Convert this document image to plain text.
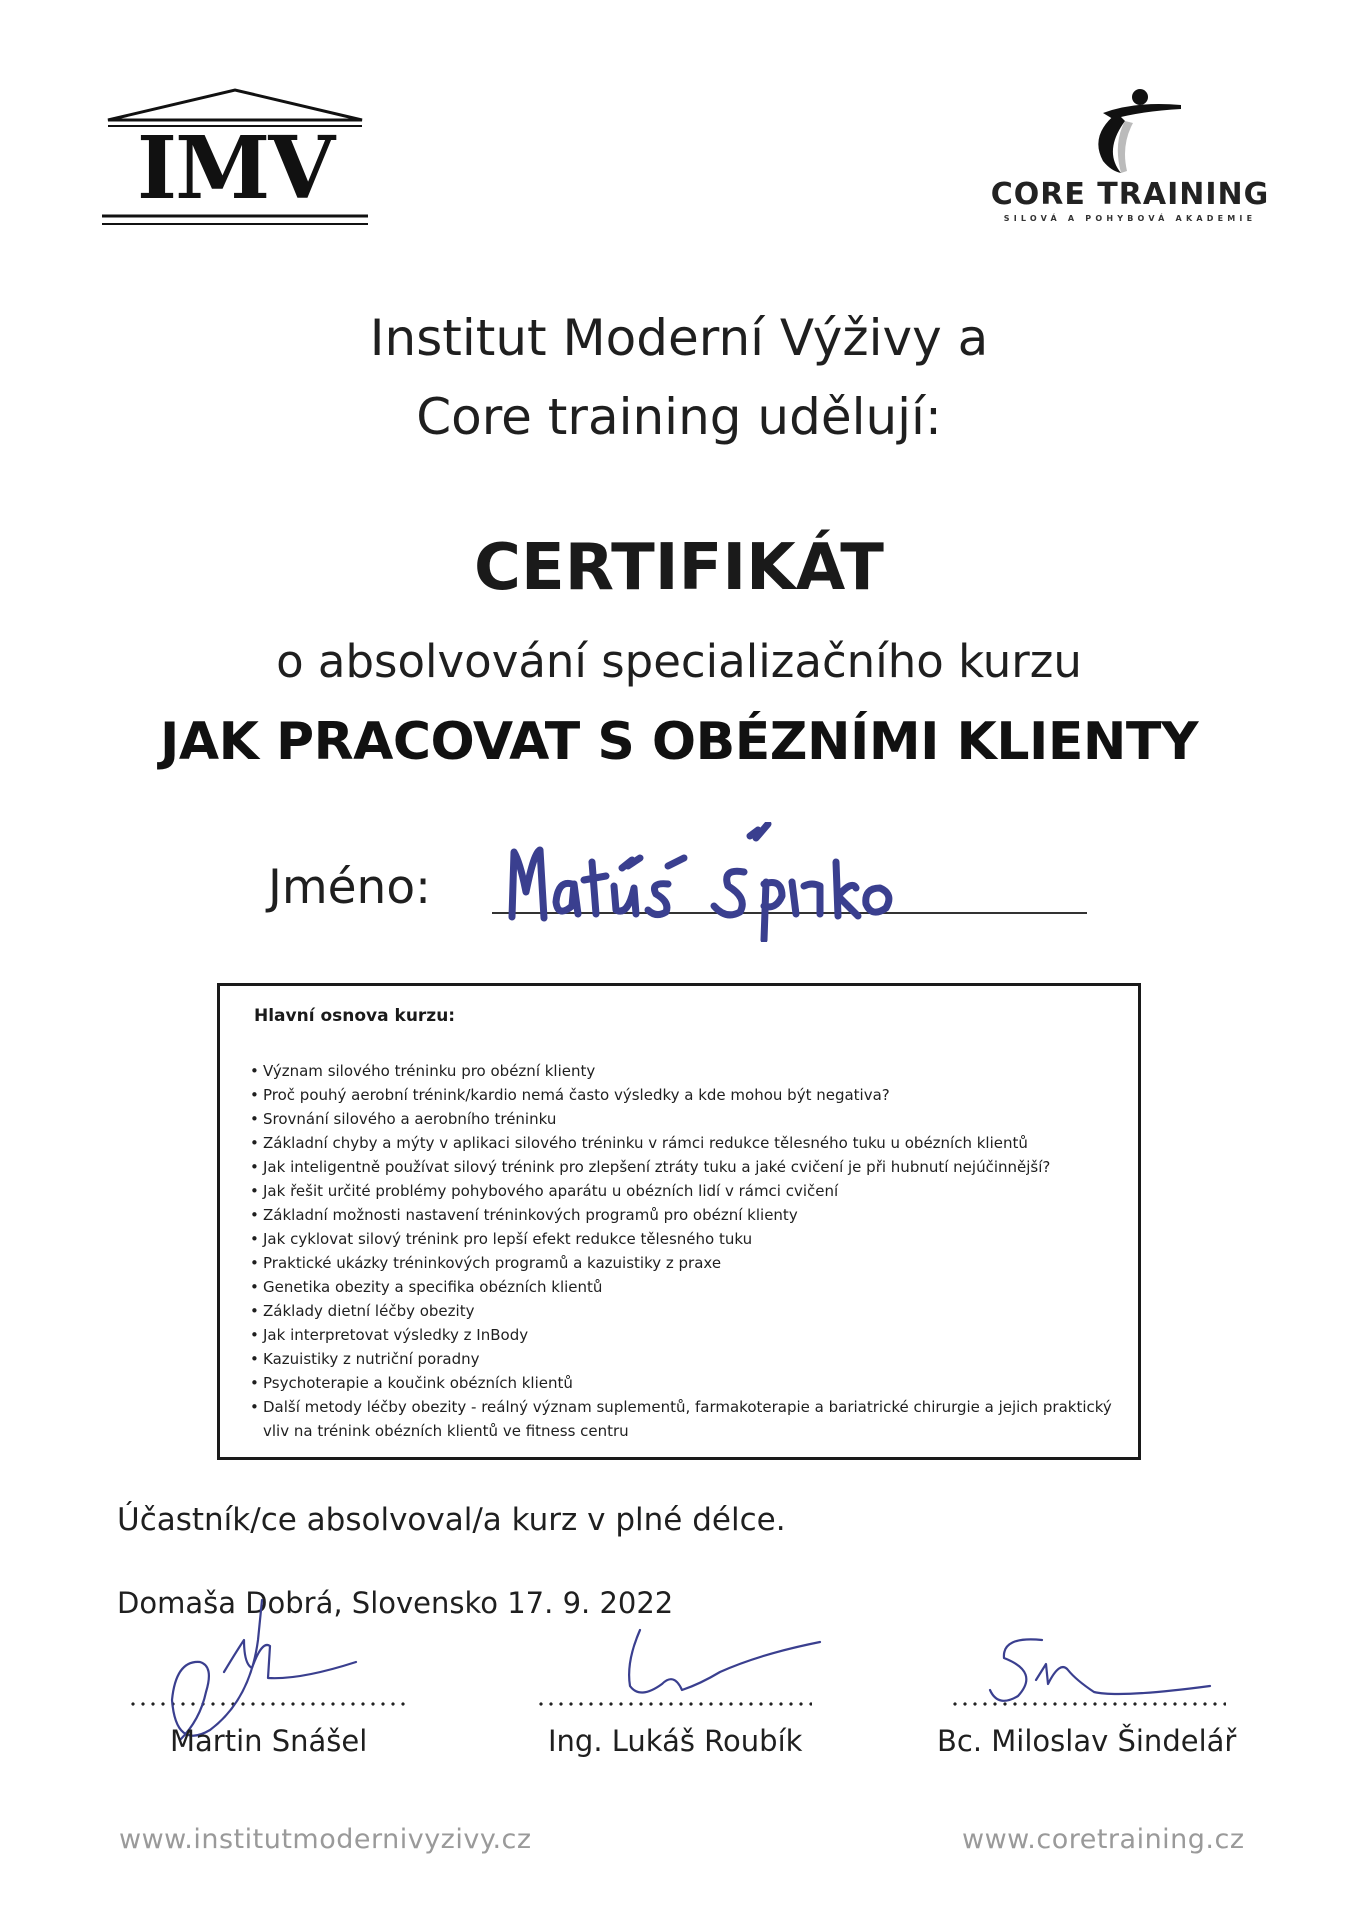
IMV	CORE TRAINING
SILOVÁ A POHYBOVÁ AKADEMIE
Institut Moderní Výživy a
Core training udělují:
CERTIFIKÁT
o absolvování specializačního kurzu
JAK PRACOVAT S OBÉZNÍMI KLIENTY
Jméno:
Hlavní osnova kurzu:
• Význam silového tréninku pro obézní klienty
• Proč pouhý aerobní trénink/kardio nemá často výsledky a kde mohou být negativa?
• Srovnání silového a aerobního tréninku
• Základní chyby a mýty v aplikaci silového tréninku v rámci redukce tělesného tuku u obézních klientů
• Jak inteligentně používat silový trénink pro zlepšení ztráty tuku a jaké cvičení je při hubnutí nejúčinnější?
• Jak řešit určité problémy pohybového aparátu u obézních lidí v rámci cvičení
• Základní možnosti nastavení tréninkových programů pro obézní klienty
• Jak cyklovat silový trénink pro lepší efekt redukce tělesného tuku
• Praktické ukázky tréninkových programů a kazuistiky z praxe
• Genetika obezity a specifika obézních klientů
• Základy dietní léčby obezity
• Jak interpretovat výsledky z InBody
• Kazuistiky z nutriční poradny
• Psychoterapie a koučink obézních klientů
• Další metody léčby obezity - reálný význam suplementů, farmakoterapie a bariatrické chirurgie a jejich praktický vliv na trénink obézních klientů ve fitness centru
Účastník/ce absolvoval/a kurz v plné délce.
Domaša Dobrá, Slovensko 17. 9. 2022
Martin Snášel	Ing. Lukáš Roubík	Bc. Miloslav Šindelář
www.institutmodernivyzivy.cz	www.coretraining.cz
